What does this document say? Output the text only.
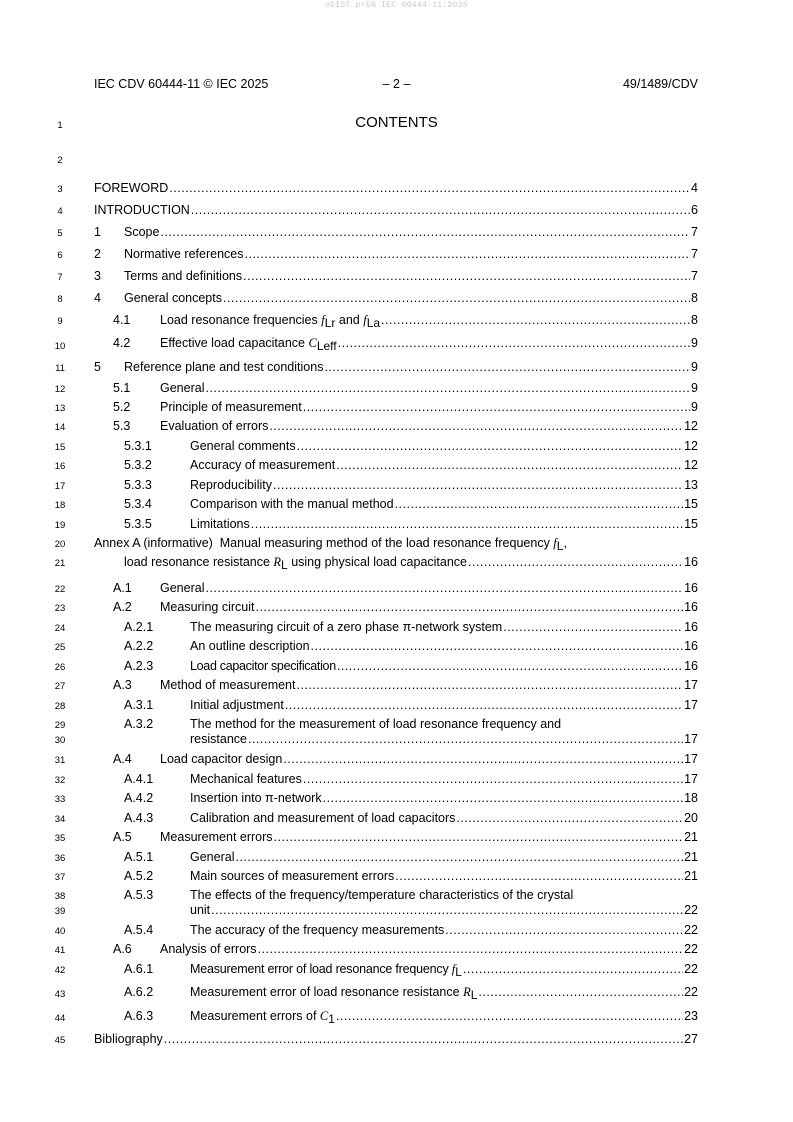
oSIST prEN IEC 60444-11:2025
IEC CDV 60444-11 © IEC 2025	– 2 –	49/1489/CDV
CONTENTS
1
2
3
4
5
6
7
8
9
10
11
12
13
14
15
16
17
18
19
20
21
22
23
24
25
26
27
28
29
30
31
32
33
34
35
36
37
38
39
40
41
42
43
44
45
FOREWORD .....	4
INTRODUCTION .....	6
1	Scope .....	7
2	Normative references .....	7
3	Terms and definitions .....	7
4	General concepts .....	8
4.1	Load resonance frequencies fLr and fLa .....	8
4.2	Effective load capacitance CLeff .....	9
5	Reference plane and test conditions .....	9
5.1	General .....	9
5.2	Principle of measurement .....	9
5.3	Evaluation of errors .....	12
5.3.1	General comments .....	12
5.3.2	Accuracy of measurement .....	12
5.3.3	Reproducibility .....	13
5.3.4	Comparison with the manual method .....	15
5.3.5	Limitations .....	15
Annex A (informative)  Manual measuring method of the load resonance frequency fL,
load resonance resistance RL using physical load capacitance .....	16
A.1	General .....	16
A.2	Measuring circuit .....	16
A.2.1	The measuring circuit of a zero phase π-network system .....	16
A.2.2	An outline description .....	16
A.2.3	Load capacitor specification .....	16
A.3	Method of measurement .....	17
A.3.1	Initial adjustment .....	17
A.3.2	The method for the measurement of load resonance frequency and
resistance .....	17
A.4	Load capacitor design .....	17
A.4.1	Mechanical features .....	17
A.4.2	Insertion into π-network .....	18
A.4.3	Calibration and measurement of load capacitors .....	20
A.5	Measurement errors .....	21
A.5.1	General .....	21
A.5.2	Main sources of measurement errors .....	21
A.5.3	The effects of the frequency/temperature characteristics of the crystal
unit .....	22
A.5.4	The accuracy of the frequency measurements .....	22
A.6	Analysis of errors .....	22
A.6.1	Measurement error of load resonance frequency fL .....	22
A.6.2	Measurement error of load resonance resistance RL .....	22
A.6.3	Measurement errors of C1 .....	23
Bibliography .....	27
